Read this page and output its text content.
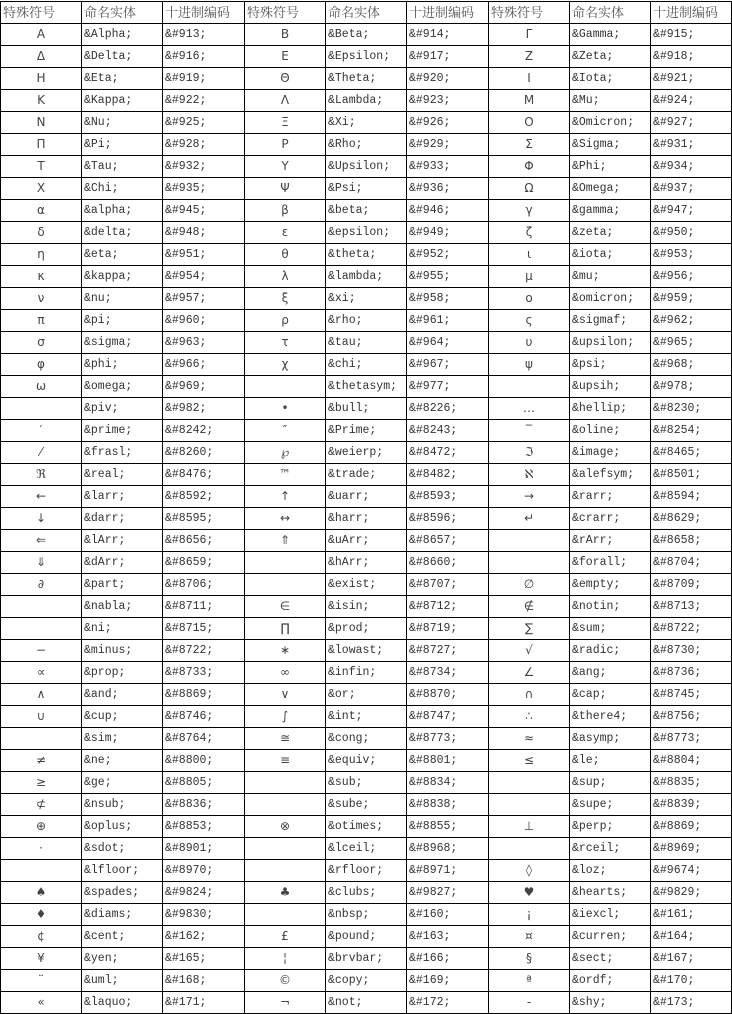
特殊符号	命名实体	十进制编码	特殊符号	命名实体	十进制编码	特殊符号	命名实体	十进制编码
Α	&Alpha;	&#913;	Β	&Beta;	&#914;	Γ	&Gamma;	&#915;
Δ	&Delta;	&#916;	Ε	&Epsilon;	&#917;	Ζ	&Zeta;	&#918;
Η	&Eta;	&#919;	Θ	&Theta;	&#920;	Ι	&Iota;	&#921;
Κ	&Kappa;	&#922;	Λ	&Lambda;	&#923;	Μ	&Mu;	&#924;
Ν	&Nu;	&#925;	Ξ	&Xi;	&#926;	Ο	&Omicron;	&#927;
Π	&Pi;	&#928;	Ρ	&Rho;	&#929;	Σ	&Sigma;	&#931;
Τ	&Tau;	&#932;	Υ	&Upsilon;	&#933;	Φ	&Phi;	&#934;
Χ	&Chi;	&#935;	Ψ	&Psi;	&#936;	Ω	&Omega;	&#937;
α	&alpha;	&#945;	β	&beta;	&#946;	γ	&gamma;	&#947;
δ	&delta;	&#948;	ε	&epsilon;	&#949;	ζ	&zeta;	&#950;
η	&eta;	&#951;	θ	&theta;	&#952;	ι	&iota;	&#953;
κ	&kappa;	&#954;	λ	&lambda;	&#955;	μ	&mu;	&#956;
ν	&nu;	&#957;	ξ	&xi;	&#958;	ο	&omicron;	&#959;
π	&pi;	&#960;	ρ	&rho;	&#961;	ς	&sigmaf;	&#962;
σ	&sigma;	&#963;	τ	&tau;	&#964;	υ	&upsilon;	&#965;
φ	&phi;	&#966;	χ	&chi;	&#967;	ψ	&psi;	&#968;
ω	&omega;	&#969;		&thetasym;	&#977;		&upsih;	&#978;
	&piv;	&#982;	•	&bull;	&#8226;	…	&hellip;	&#8230;
′	&prime;	&#8242;	″	&Prime;	&#8243;	‾	&oline;	&#8254;
⁄	&frasl;	&#8260;	℘	&weierp;	&#8472;	ℑ	&image;	&#8465;
ℜ	&real;	&#8476;	™	&trade;	&#8482;	ℵ	&alefsym;	&#8501;
←	&larr;	&#8592;	↑	&uarr;	&#8593;	→	&rarr;	&#8594;
↓	&darr;	&#8595;	↔	&harr;	&#8596;	↵	&crarr;	&#8629;
⇐	&lArr;	&#8656;	⇑	&uArr;	&#8657;		&rArr;	&#8658;
⇓	&dArr;	&#8659;		&hArr;	&#8660;		&forall;	&#8704;
∂	&part;	&#8706;		&exist;	&#8707;	∅	&empty;	&#8709;
	&nabla;	&#8711;	∈	&isin;	&#8712;	∉	&notin;	&#8713;
	&ni;	&#8715;	∏	&prod;	&#8719;	∑	&sum;	&#8722;
−	&minus;	&#8722;	∗	&lowast;	&#8727;	√	&radic;	&#8730;
∝	&prop;	&#8733;	∞	&infin;	&#8734;	∠	&ang;	&#8736;
∧	&and;	&#8869;	∨	&or;	&#8870;	∩	&cap;	&#8745;
∪	&cup;	&#8746;	∫	&int;	&#8747;	∴	&there4;	&#8756;
	&sim;	&#8764;	≅	&cong;	&#8773;	≈	&asymp;	&#8773;
≠	&ne;	&#8800;	≡	&equiv;	&#8801;	≤	&le;	&#8804;
≥	&ge;	&#8805;		&sub;	&#8834;		&sup;	&#8835;
⊄	&nsub;	&#8836;		&sube;	&#8838;		&supe;	&#8839;
⊕	&oplus;	&#8853;	⊗	&otimes;	&#8855;	⊥	&perp;	&#8869;
⋅	&sdot;	&#8901;		&lceil;	&#8968;		&rceil;	&#8969;
	&lfloor;	&#8970;		&rfloor;	&#8971;	◊	&loz;	&#9674;
♠	&spades;	&#9824;	♣	&clubs;	&#9827;	♥	&hearts;	&#9829;
♦	&diams;	&#9830;		&nbsp;	&#160;	¡	&iexcl;	&#161;
¢	&cent;	&#162;	£	&pound;	&#163;	¤	&curren;	&#164;
¥	&yen;	&#165;	¦	&brvbar;	&#166;	§	&sect;	&#167;
¨	&uml;	&#168;	©	&copy;	&#169;	ª	&ordf;	&#170;
«	&laquo;	&#171;	¬	&not;	&#172;	-	&shy;	&#173;
